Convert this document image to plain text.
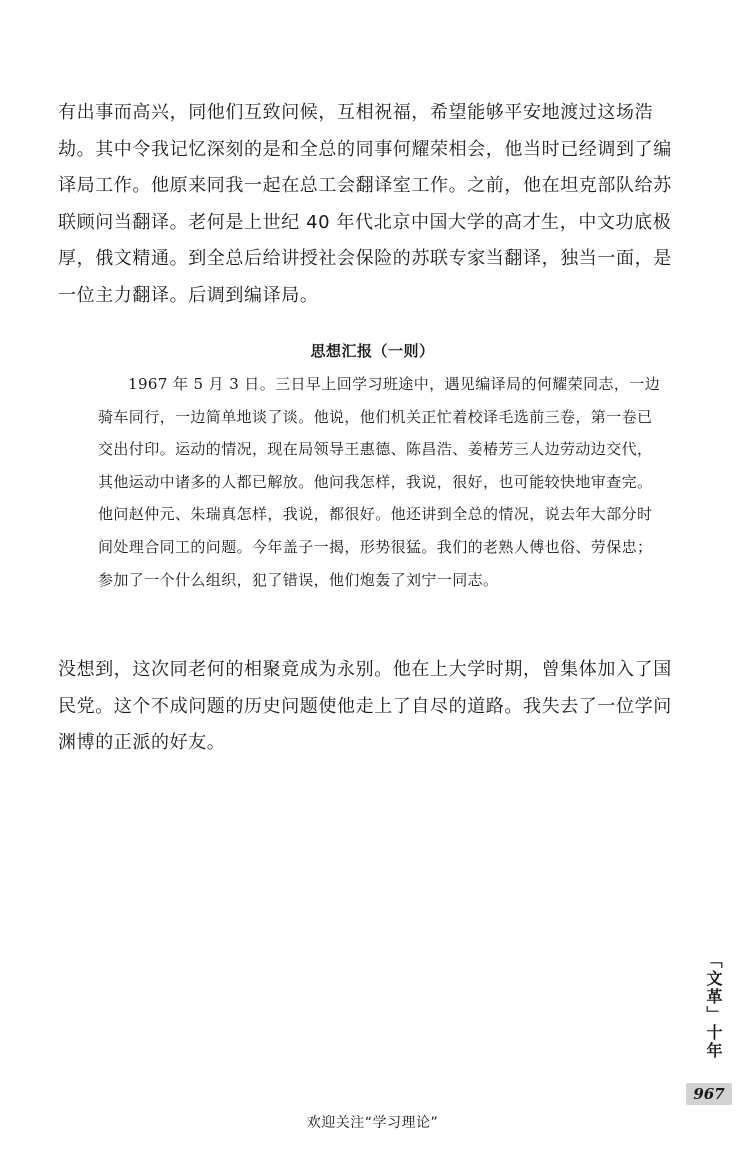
有出事而高兴，同他们互致问候，互相祝福，希望能够平安地渡过这场浩劫。其中令我记忆深刻的是和全总的同事何耀荣相会，他当时已经调到了编译局工作。他原来同我一起在总工会翻译室工作。之前，他在坦克部队给苏联顾问当翻译。老何是上世纪 40 年代北京中国大学的高才生，中文功底极厚，俄文精通。到全总后给讲授社会保险的苏联专家当翻译，独当一面，是一位主力翻译。后调到编译局。

思想汇报（一则）

1967 年 5 月 3 日。三日早上回学习班途中，遇见编译局的何耀荣同志，一边骑车同行，一边简单地谈了谈。他说，他们机关正忙着校译毛选前三卷，第一卷已交出付印。运动的情况，现在局领导王惠德、陈昌浩、姜椿芳三人边劳动边交代，其他运动中诸多的人都已解放。他问我怎样，我说，很好，也可能较快地审查完。他问赵仲元、朱瑞真怎样，我说，都很好。他还讲到全总的情况，说去年大部分时间处理合同工的问题。今年盖子一揭，形势很猛。我们的老熟人傅也俗、劳保忠；参加了一个什么组织，犯了错误，他们炮轰了刘宁一同志。

没想到，这次同老何的相聚竟成为永别。他在上大学时期，曾集体加入了国民党。这个不成问题的历史问题使他走上了自尽的道路。我失去了一位学问渊博的正派的好友。

「文革」十年
967
欢迎关注“学习理论”
